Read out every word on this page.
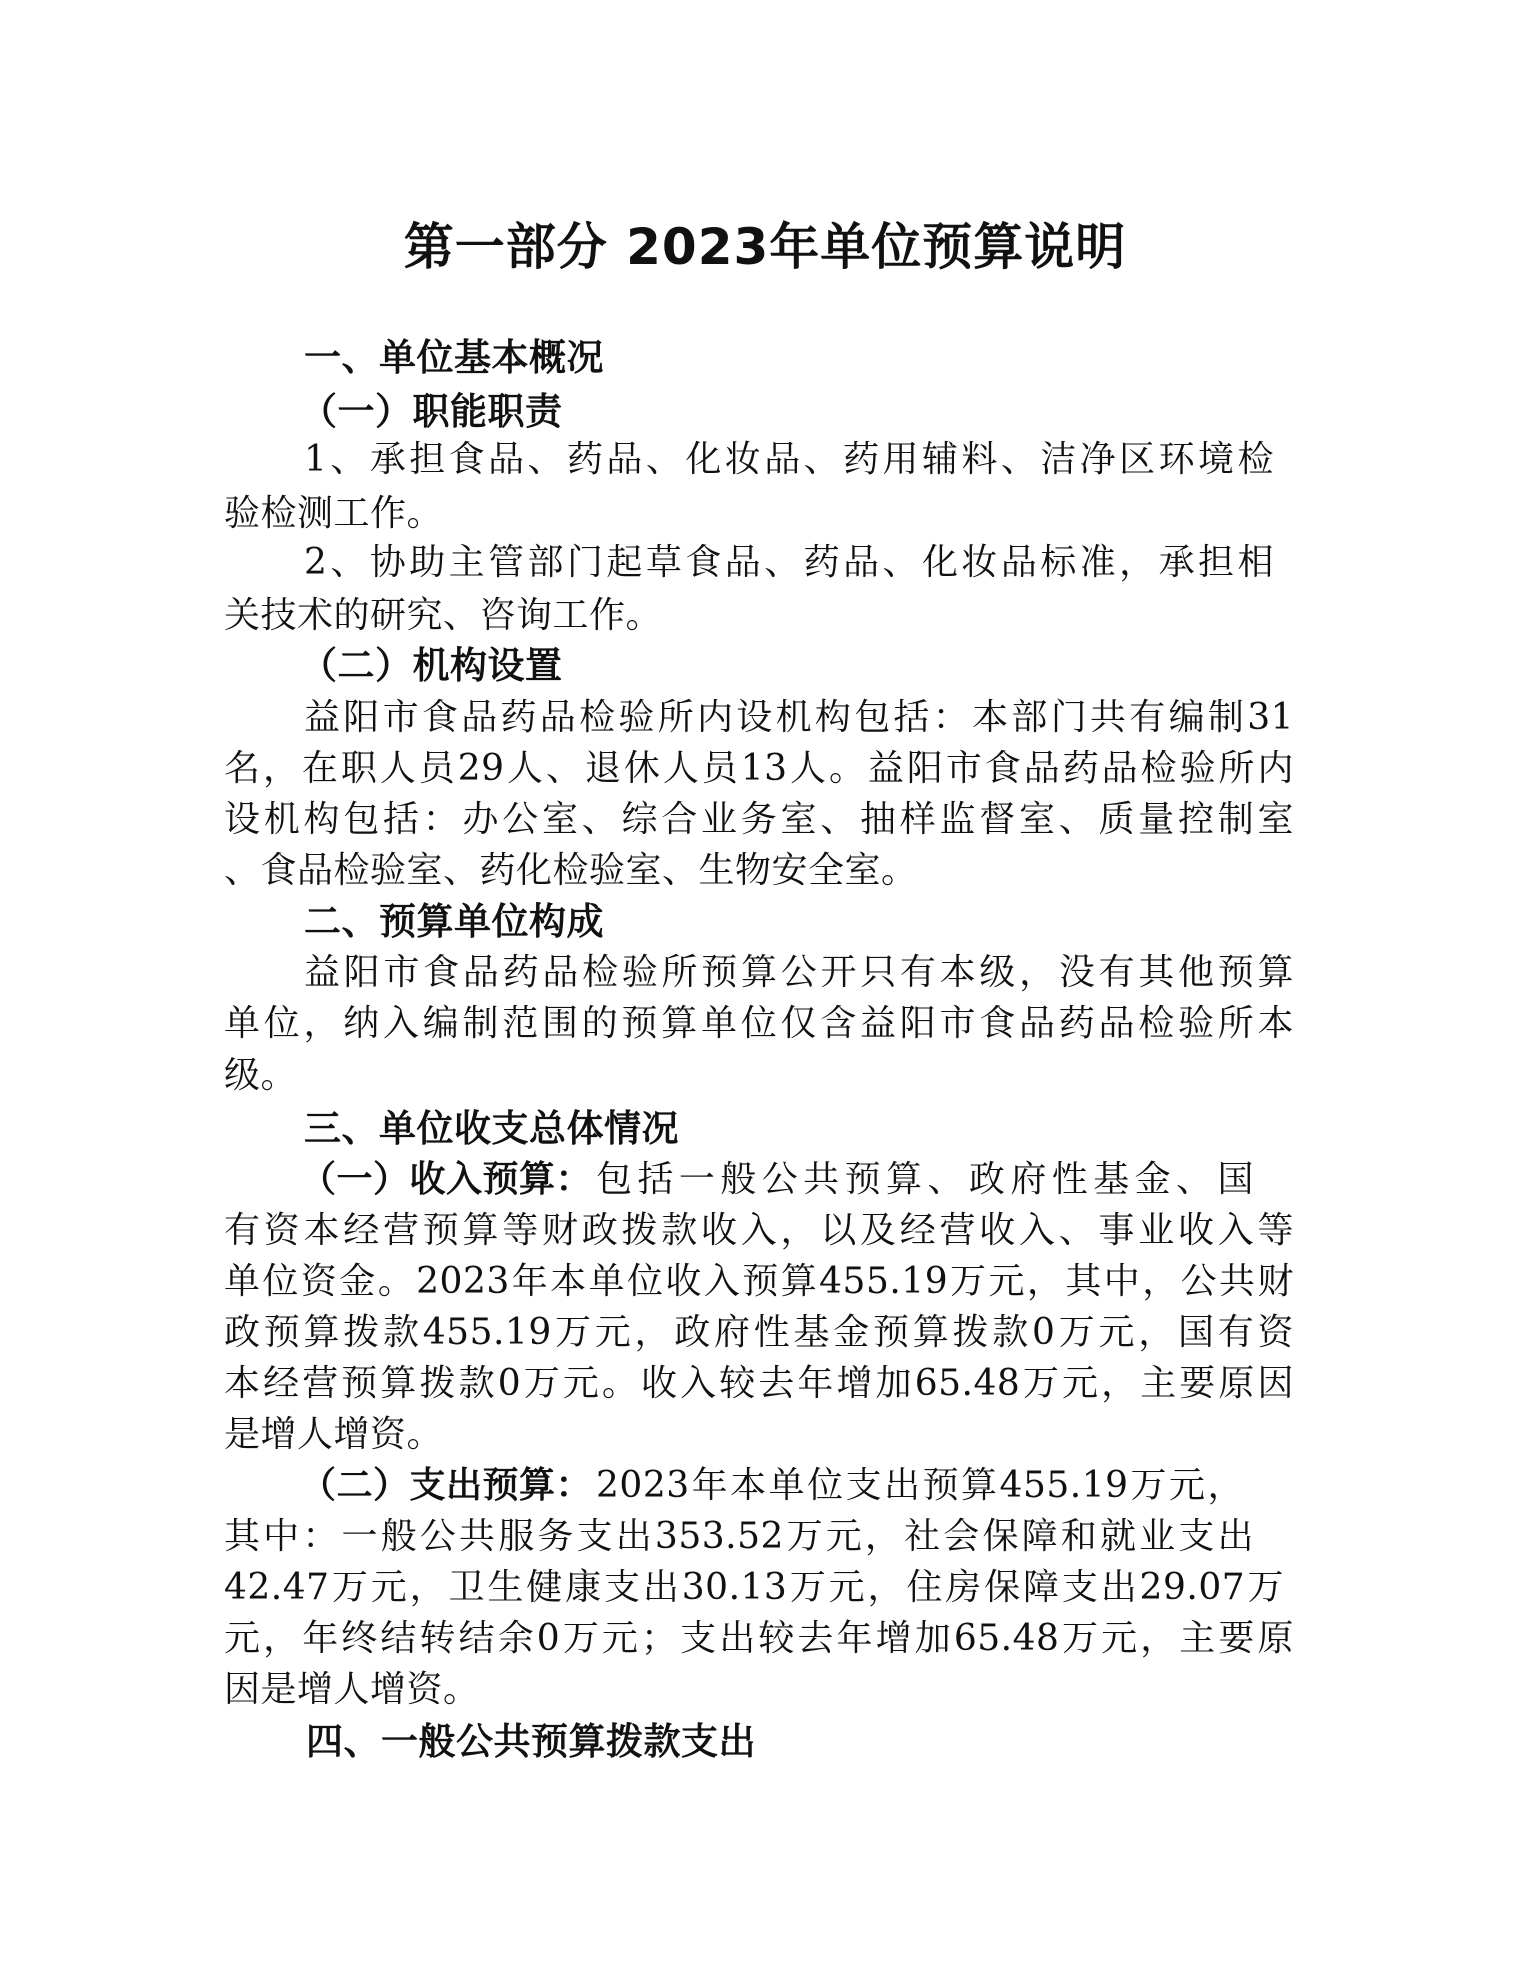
第一部分 2023年单位预算说明
一、单位基本概况
（一）职能职责
1、承担食品、药品、化妆品、药用辅料、洁净区环境检
验检测工作。
2、协助主管部门起草食品、药品、化妆品标准，承担相
关技术的研究、咨询工作。
（二）机构设置
益阳市食品药品检验所内设机构包括：本部门共有编制31
名，在职人员29人、退休人员13人。益阳市食品药品检验所内
设机构包括：办公室、综合业务室、抽样监督室、质量控制室
、食品检验室、药化检验室、生物安全室。
二、预算单位构成
益阳市食品药品检验所预算公开只有本级，没有其他预算
单位，纳入编制范围的预算单位仅含益阳市食品药品检验所本
级。
三、单位收支总体情况
（一）收入预算： 包括一般公共预算、政府性基金、国
有资本经营预算等财政拨款收入，以及经营收入、事业收入等
单位资金。2023年本单位收入预算455.19万元，其中，公共财
政预算拨款455.19万元，政府性基金预算拨款0万元，国有资
本经营预算拨款0万元。收入较去年增加65.48万元，主要原因
是增人增资。
（二）支出预算： 2023年本单位支出预算455.19万元，
其中：一般公共服务支出353.52万元，社会保障和就业支出
42.47万元，卫生健康支出30.13万元，住房保障支出29.07万
元，年终结转结余0万元；支出较去年增加65.48万元，主要原
因是增人增资。
四、一般公共预算拨款支出
